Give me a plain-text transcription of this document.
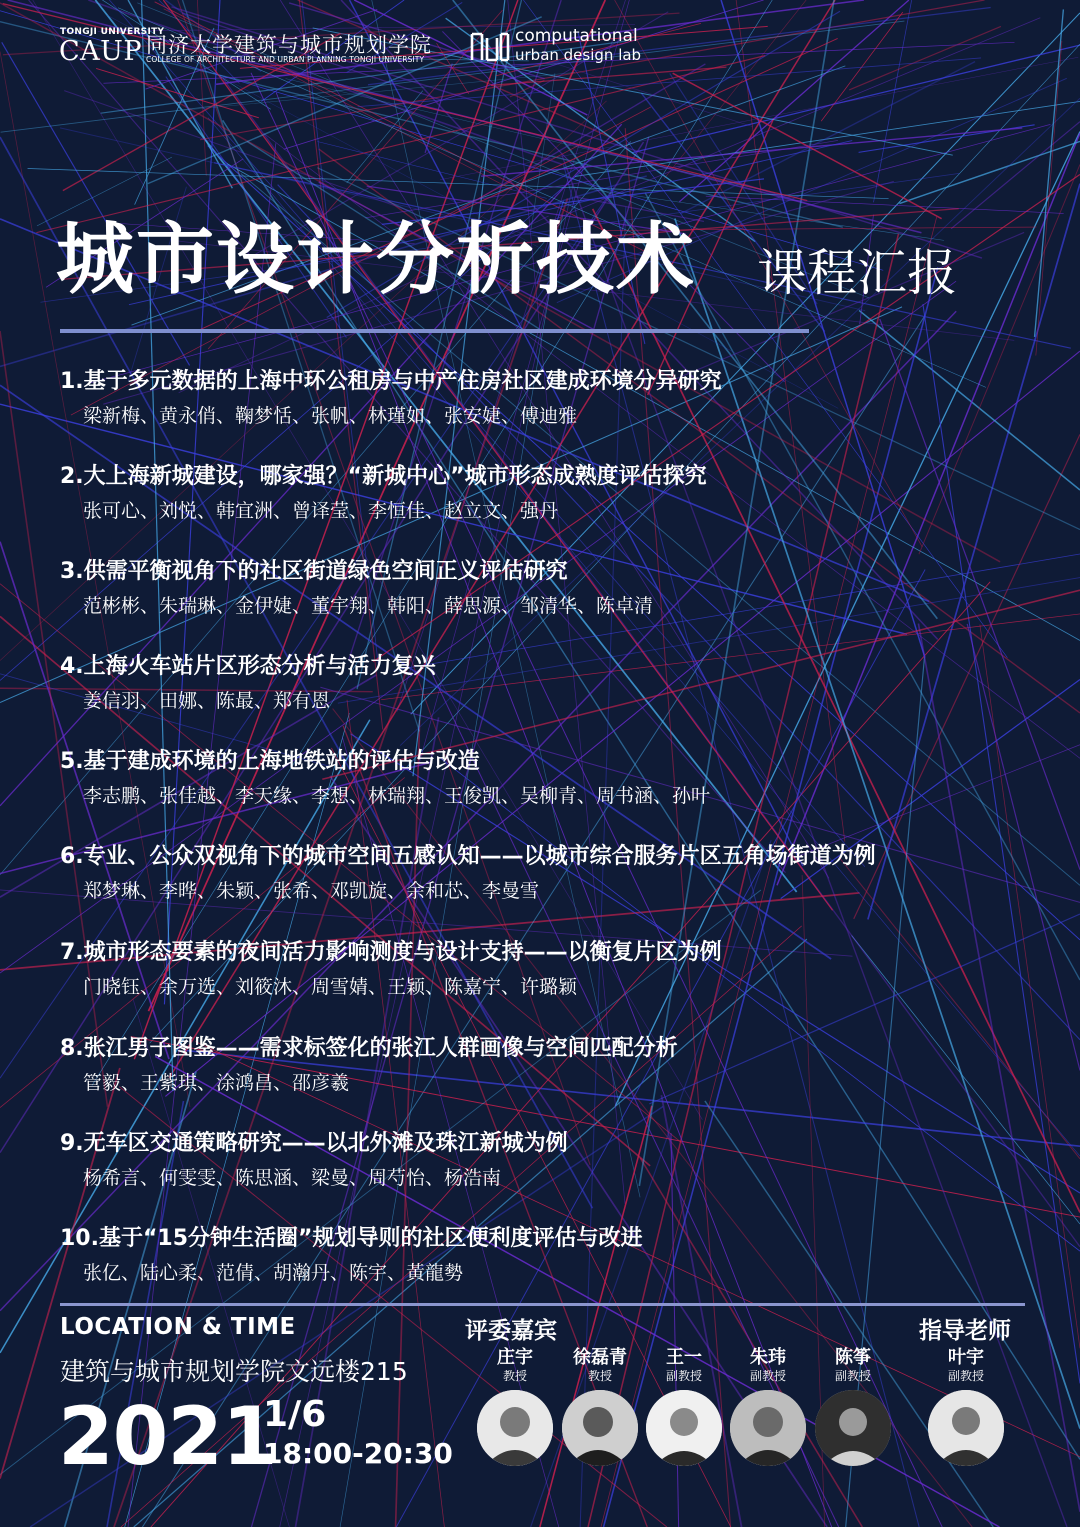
TONGJI UNIVERSITY
CAUP 同济大学建筑与城市规划学院
COLLEGE OF ARCHITECTURE AND URBAN PLANNING TONGJI UNIVERSITY
computational
urban design lab
城市设计分析技术 课程汇报
1.基于多元数据的上海中环公租房与中产住房社区建成环境分异研究
梁新梅、黄永俏、鞠梦恬、张帆、林瑾如、张安婕、傅迪雅
2.大上海新城建设，哪家强？“新城中心”城市形态成熟度评估探究
张可心、刘悦、韩宜洲、曾译莹、李恒佳、赵立文、强丹
3.供需平衡视角下的社区街道绿色空间正义评估研究
范彬彬、朱瑞琳、金伊婕、董宇翔、韩阳、薛思源、邹清华、陈卓清
4.上海火车站片区形态分析与活力复兴
姜信羽、田娜、陈最、郑有恩
5.基于建成环境的上海地铁站的评估与改造
李志鹏、张佳越、李天缘、李想、林瑞翔、王俊凯、吴柳青、周书涵、孙叶
6.专业、公众双视角下的城市空间五感认知——以城市综合服务片区五角场街道为例
郑梦琳、李晔、朱颖、张希、邓凯旋、余和芯、李曼雪
7.城市形态要素的夜间活力影响测度与设计支持——以衡复片区为例
门晓钰、余万选、刘筱沐、周雪婧、王颖、陈嘉宁、许璐颖
8.张江男子图鉴——需求标签化的张江人群画像与空间匹配分析
管毅、王紫琪、涂鸿昌、邵彦羲
9.无车区交通策略研究——以北外滩及珠江新城为例
杨希言、何雯雯、陈思涵、梁曼、周芍怡、杨浩南
10.基于“15分钟生活圈”规划导则的社区便利度评估与改进
张亿、陆心柔、范倩、胡瀚丹、陈宇、黃龍勢
LOCATION & TIME
建筑与城市规划学院文远楼215
2021
1/6
18:00-20:30
评委嘉宾	指导老师
庄宇
教授
徐磊青
教授
王一
副教授
朱玮
副教授
陈筝
副教授
叶宇
副教授
